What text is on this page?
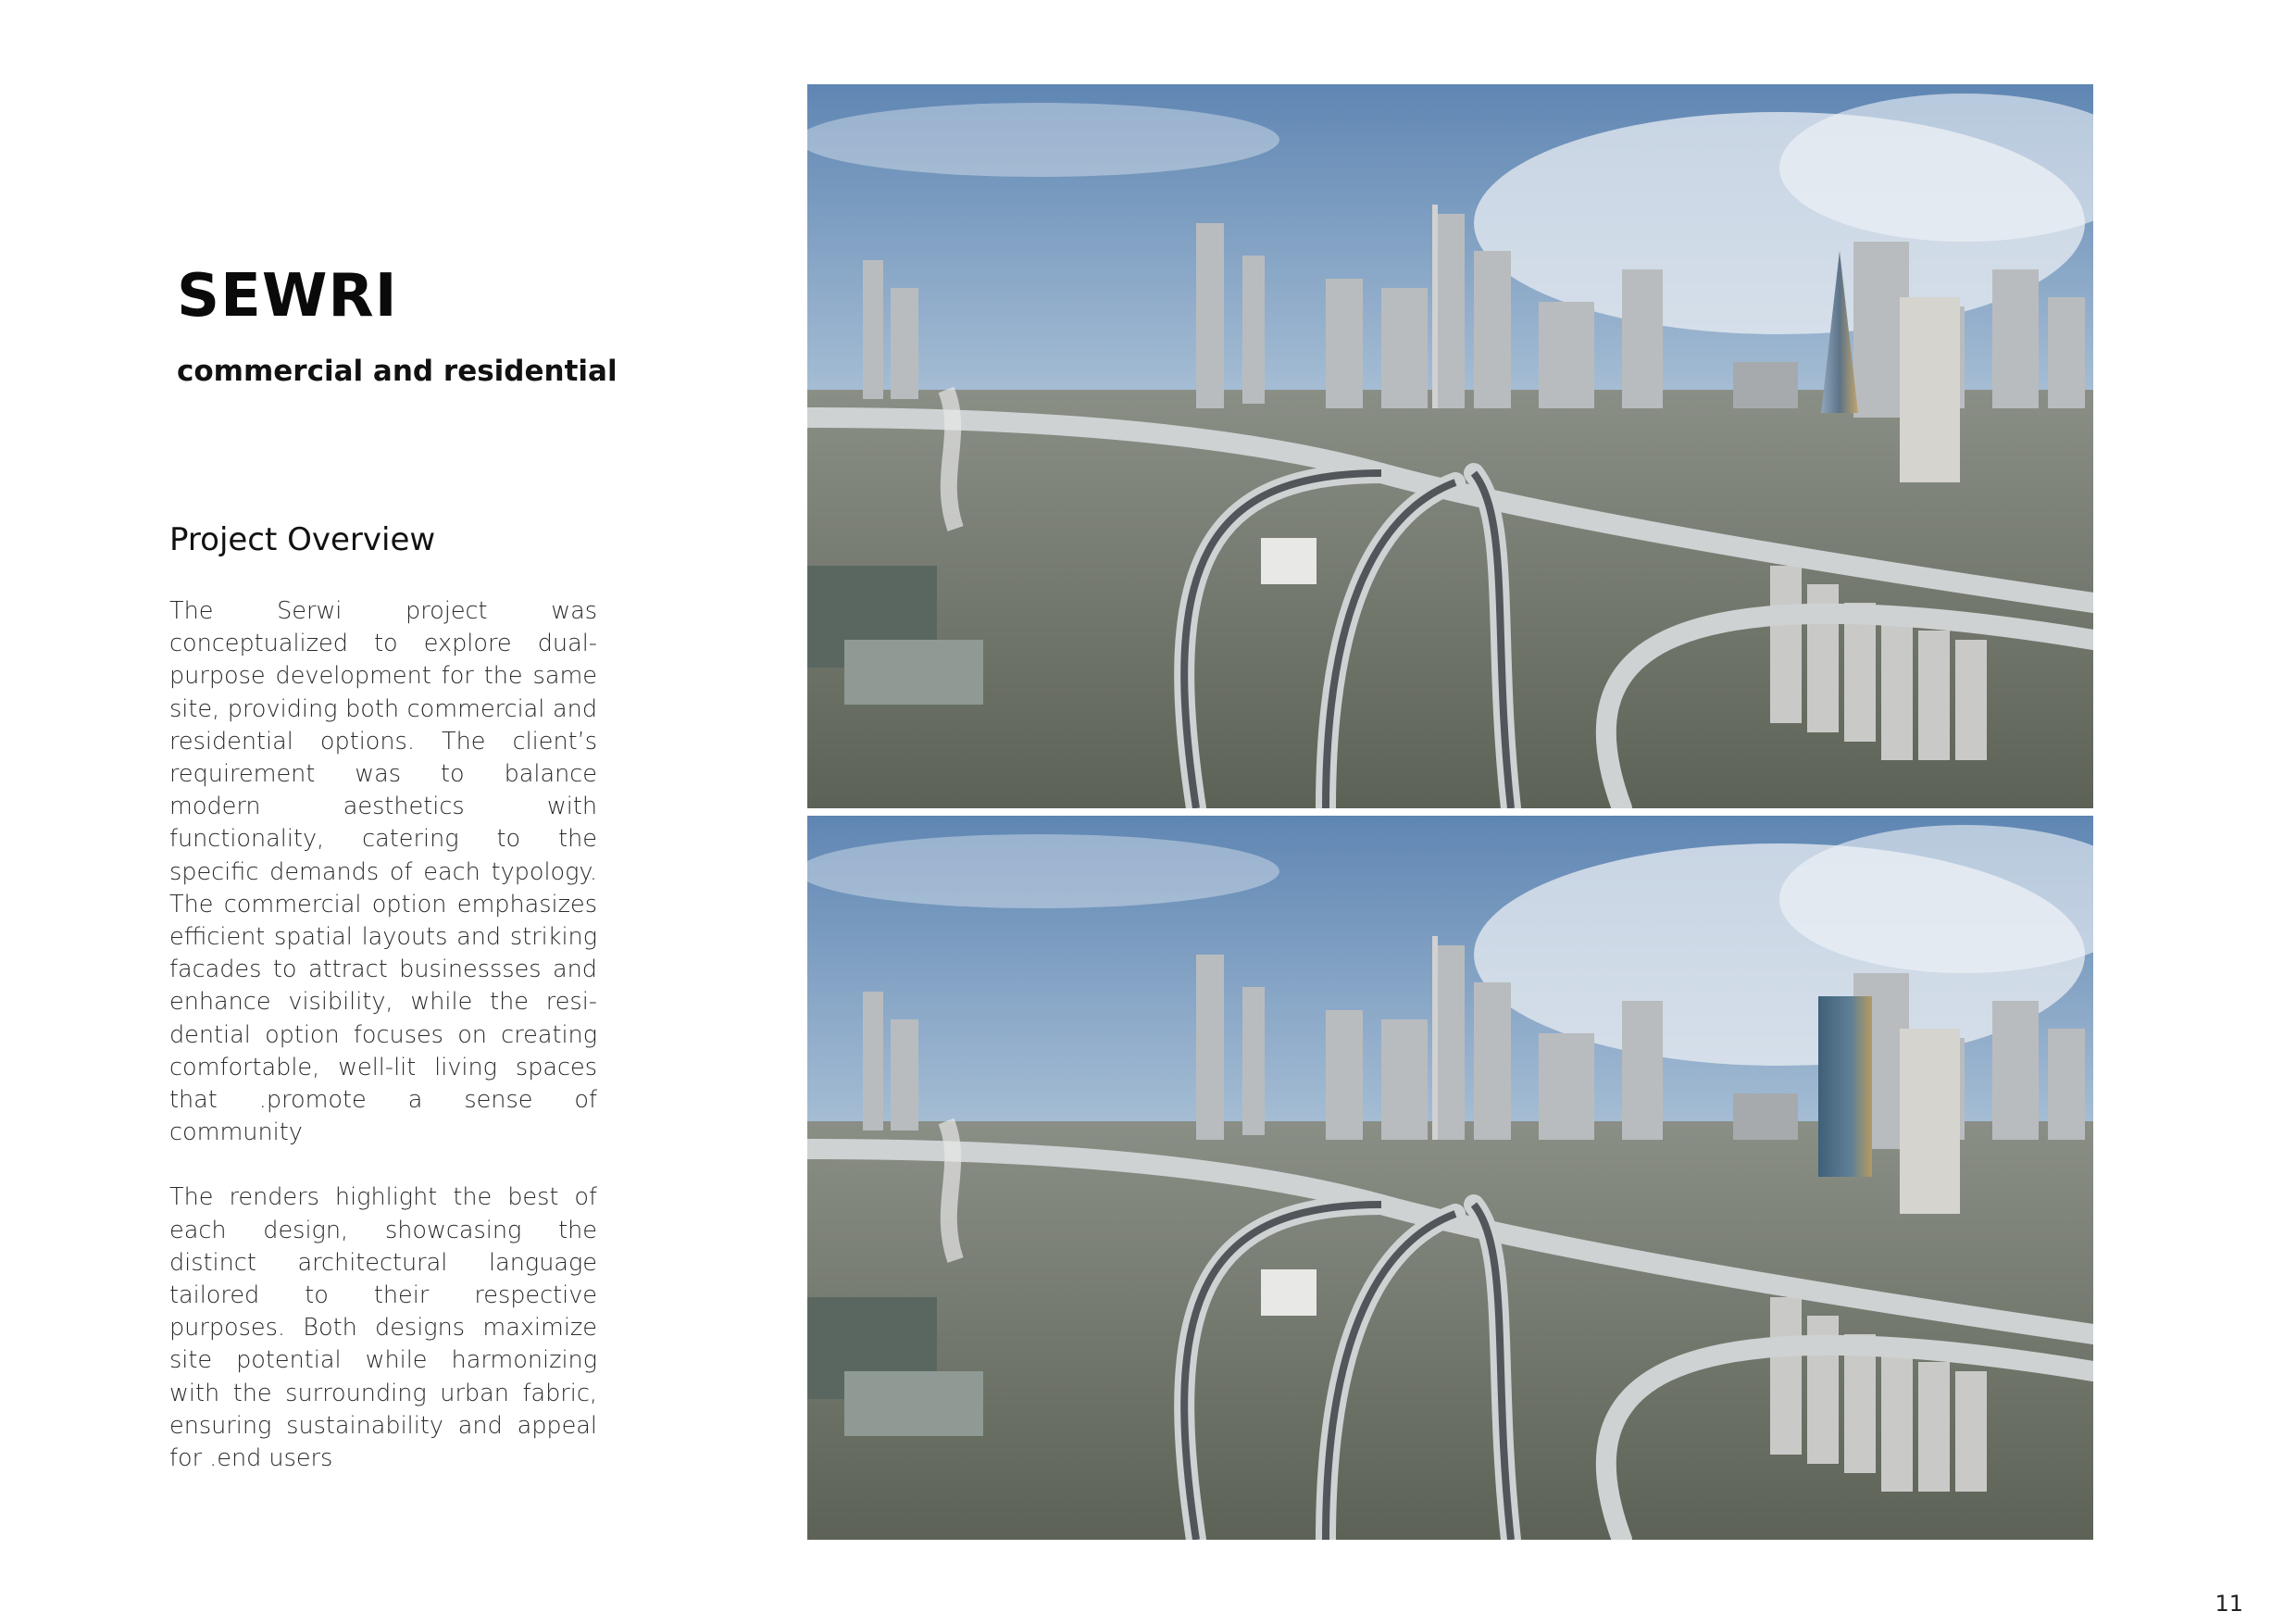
SEWRI
commercial and residential
Project Overview

The Serwi project was conceptualized to explore dual-purpose development for the same site, providing both commercial and residential options. The client’s requirement was to balance modern aesthetics with functionality, catering to the specific demands of each typology. The commercial option emphasizes efficient spatial layouts and striking facades to attract businessses and enhance visibility, while the residential option focuses on creating comfortable, well-lit living spaces that .promote a sense of community

The renders highlight the best of each design, showcasing the distinct architectural language tailored to their respective purposes. Both designs maximize site potential while harmonizing with the surrounding urban fabric, ensuring sustainability and appeal for .end users

11
